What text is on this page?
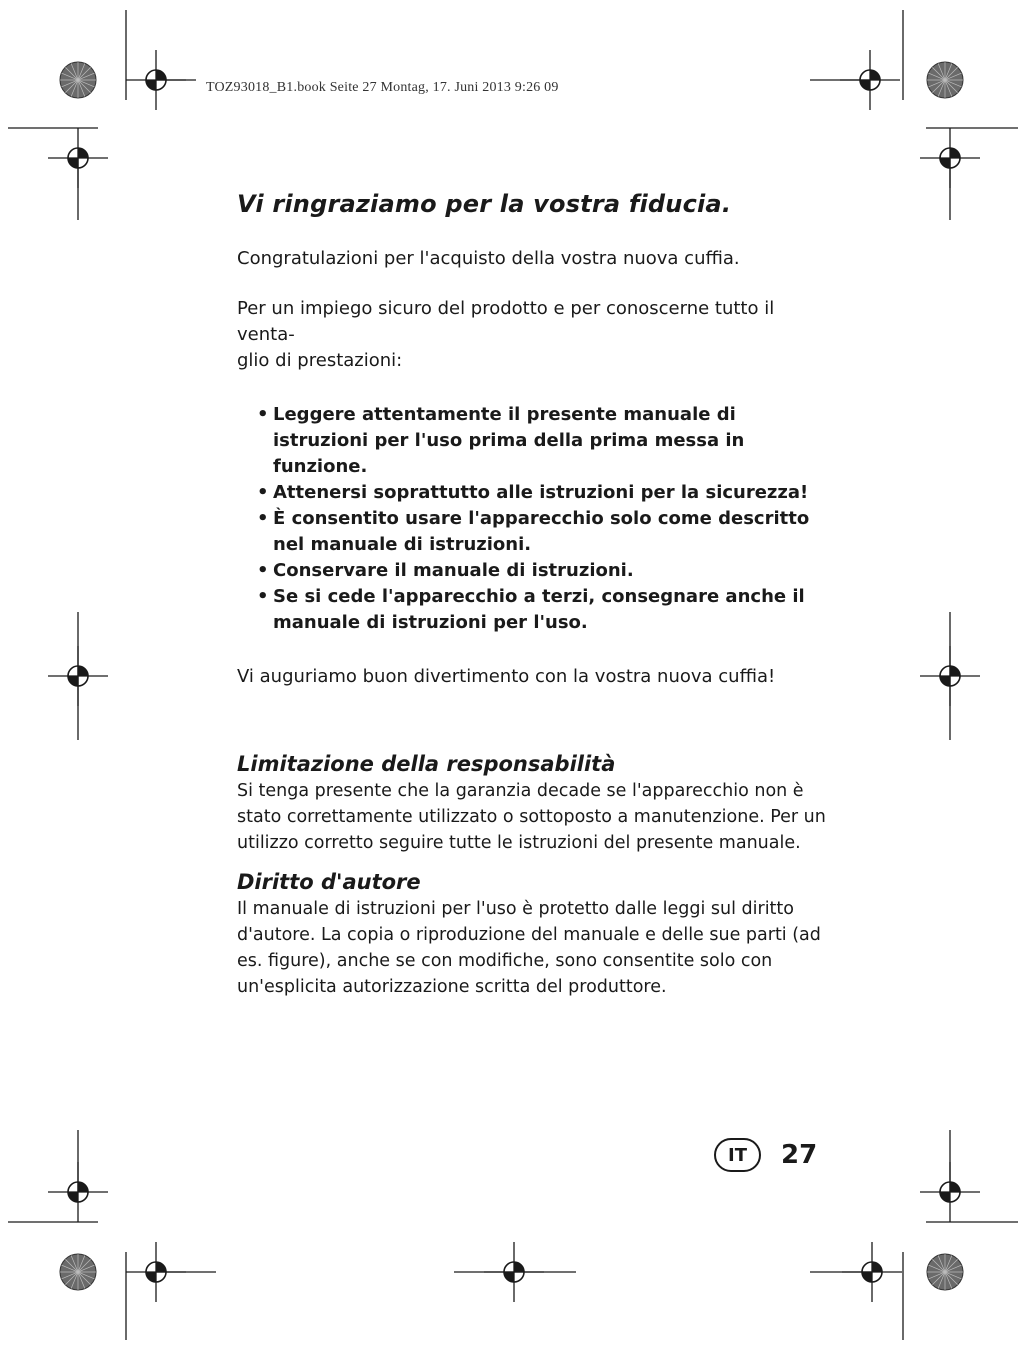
TOZ93018_B1.book Seite 27 Montag, 17. Juni 2013 9:26 09
Vi ringraziamo per la vostra fiducia.

Congratulazioni per l'acquisto della vostra nuova cuffia.

Per un impiego sicuro del prodotto e per conoscerne tutto il venta-
glio di prestazioni:

• Leggere attentamente il presente manuale di istruzioni per l'uso prima della prima messa in funzione.
• Attenersi soprattutto alle istruzioni per la sicurezza!
• È consentito usare l'apparecchio solo come descritto nel manuale di istruzioni.
• Conservare il manuale di istruzioni.
• Se si cede l'apparecchio a terzi, consegnare anche il manuale di istruzioni per l'uso.

Vi auguriamo buon divertimento con la vostra nuova cuffia!

Limitazione della responsabilità

Si tenga presente che la garanzia decade se l'apparecchio non è stato correttamente utilizzato o sottoposto a manutenzione. Per un utilizzo corretto seguire tutte le istruzioni del presente manuale.

Diritto d'autore

Il manuale di istruzioni per l'uso è protetto dalle leggi sul diritto d'autore. La copia o riproduzione del manuale e delle sue parti (ad es. figure), anche se con modifiche, sono consentite solo con un'esplicita autorizzazione scritta del produttore.

IT	27
